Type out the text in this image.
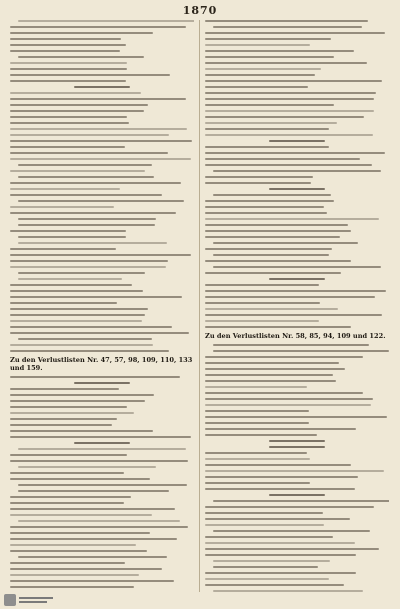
1870
Zu den Verlustlisten Nr. 47, 57, 98, 109, 110, 133 und 159.
Zu den Verlustlisten Nr. 58, 85, 94, 109 und 122.
